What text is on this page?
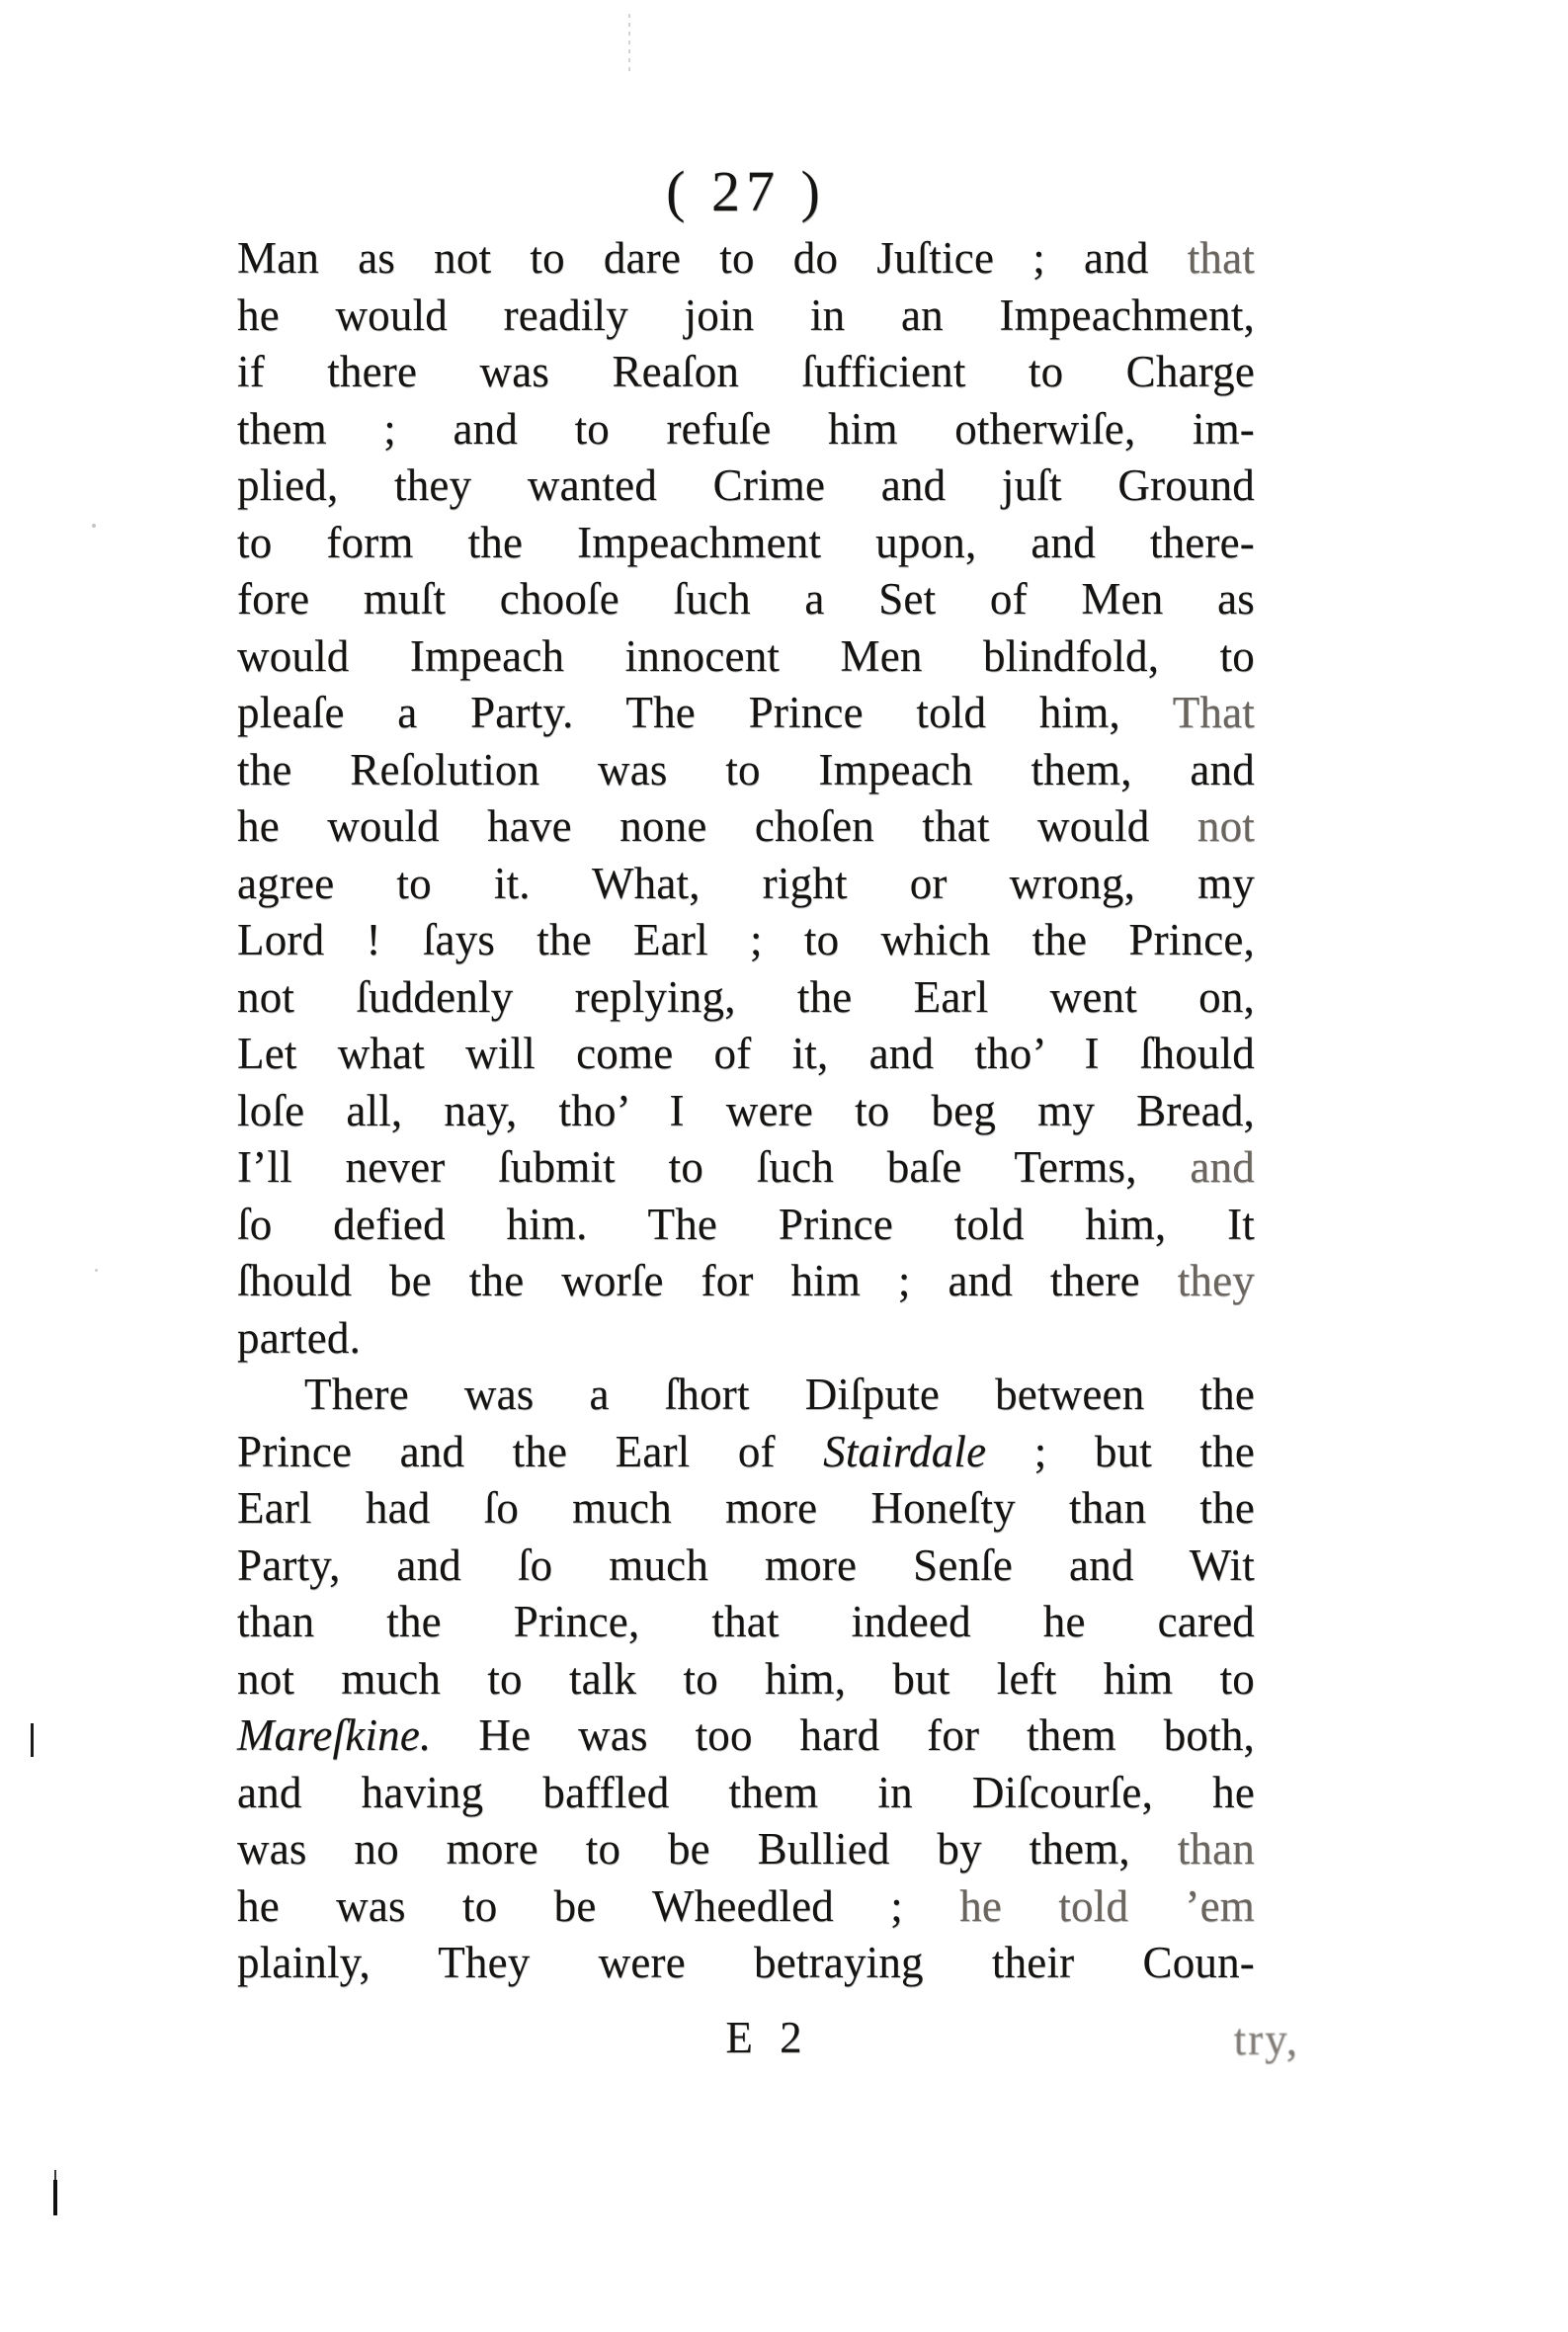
( 27 )
Man as not to dare to do Juſtice ; and that
he would readily join in an Impeachment,
if there was Reaſon ſufficient to Charge
them ; and to refuſe him otherwiſe, im-
plied, they wanted Crime and juſt Ground
to form the Impeachment upon, and there-
fore muſt chooſe ſuch a Set of Men as
would Impeach innocent Men blindfold, to
pleaſe a Party. The Prince told him, That
the Reſolution was to Impeach them, and
he would have none choſen that would not
agree to it. What, right or wrong, my
Lord ! ſays the Earl ; to which the Prince,
not ſuddenly replying, the Earl went on,
Let what will come of it, and tho’ I ſhould
loſe all, nay, tho’ I were to beg my Bread,
I’ll never ſubmit to ſuch baſe Terms, and
ſo defied him. The Prince told him, It
ſhould be the worſe for him ; and there they
parted.
There was a ſhort Diſpute between the
Prince and the Earl of Stairdale ; but the
Earl had ſo much more Honeſty than the
Party, and ſo much more Senſe and Wit
than the Prince, that indeed he cared
not much to talk to him, but left him to
Mareſkine. He was too hard for them both,
and having baffled them in Diſcourſe, he
was no more to be Bullied by them, than
he was to be Wheedled ; he told ’em
plainly, They were betraying their Coun-
E 2	try,
